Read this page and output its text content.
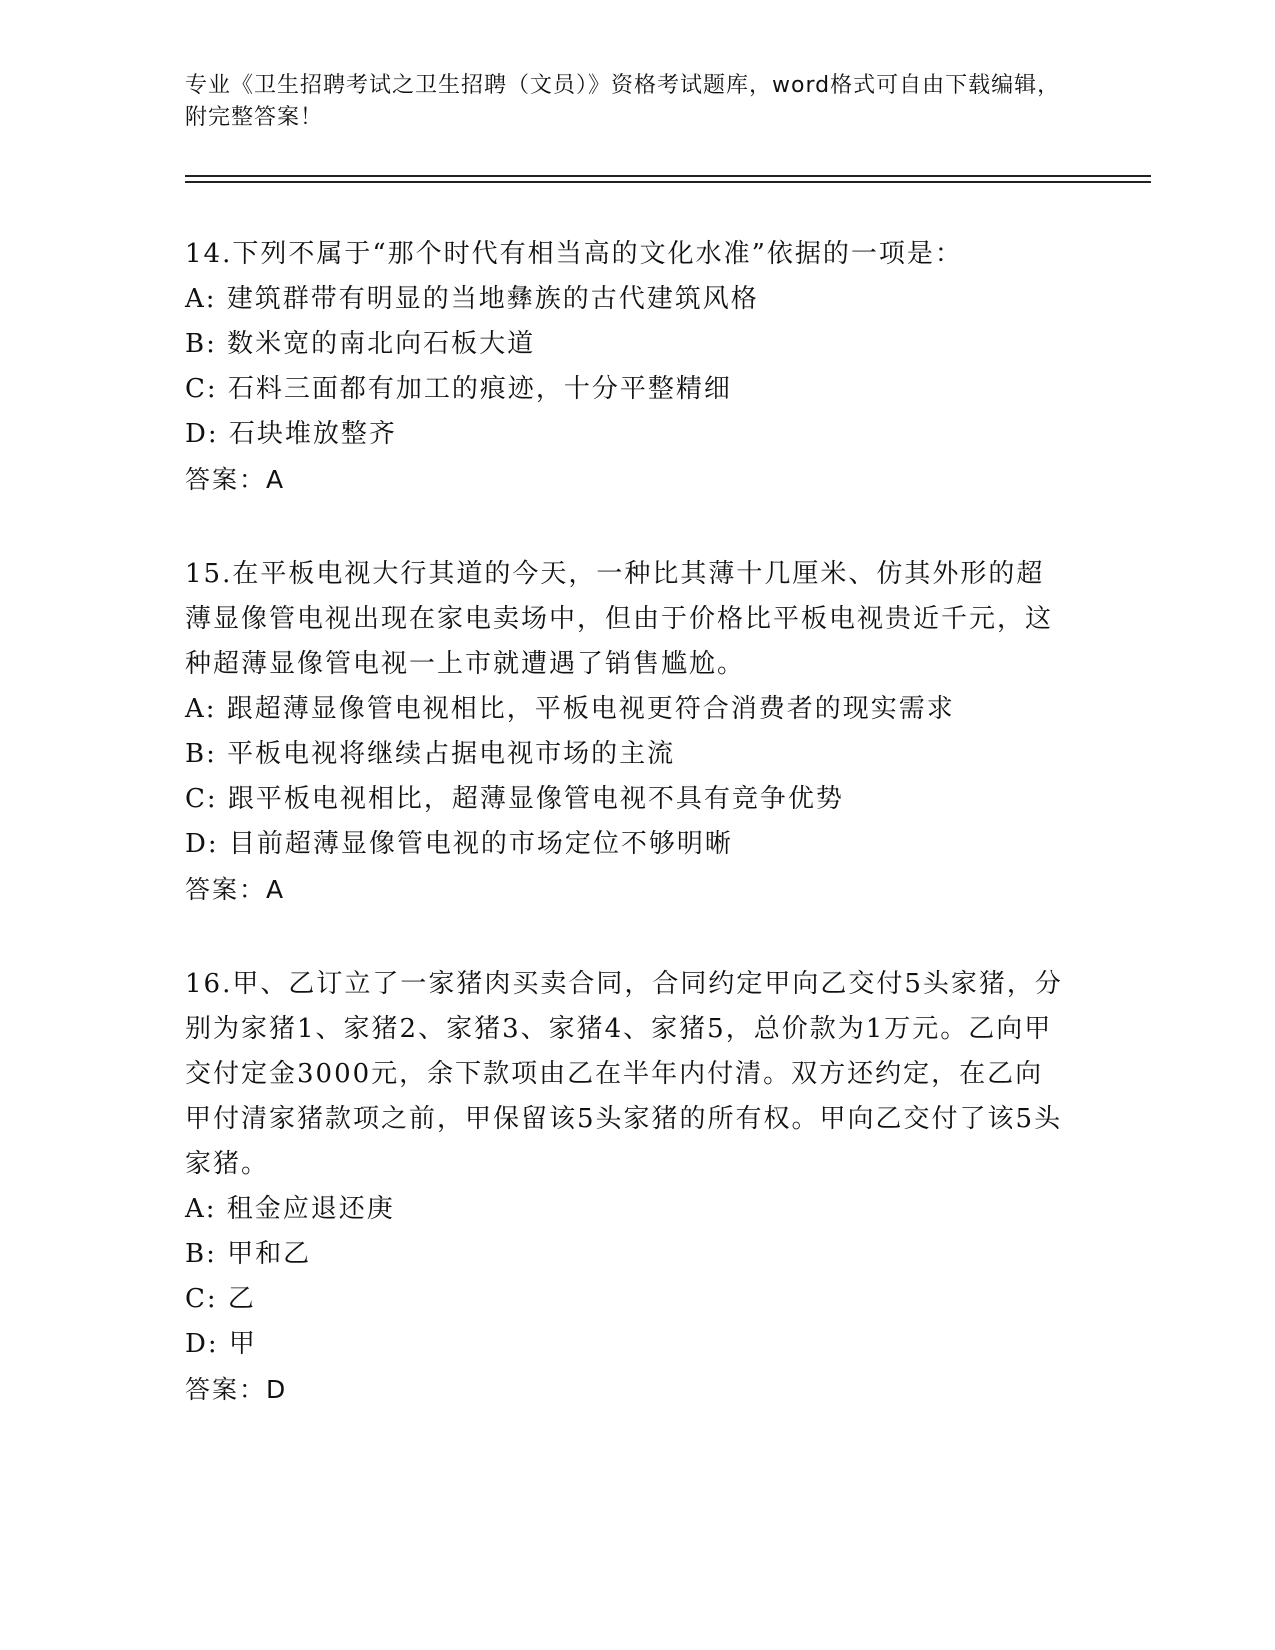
专业《卫生招聘考试之卫生招聘（文员）》资格考试题库，word格式可自由下载编辑，附完整答案！
14.下列不属于“那个时代有相当高的文化水准”依据的一项是：
A: 建筑群带有明显的当地彝族的古代建筑风格
B: 数米宽的南北向石板大道
C: 石料三面都有加工的痕迹，十分平整精细
D: 石块堆放整齐
答案：A
15.在平板电视大行其道的今天，一种比其薄十几厘米、仿其外形的超薄显像管电视出现在家电卖场中，但由于价格比平板电视贵近千元，这种超薄显像管电视一上市就遭遇了销售尴尬。
A: 跟超薄显像管电视相比，平板电视更符合消费者的现实需求
B: 平板电视将继续占据电视市场的主流
C: 跟平板电视相比，超薄显像管电视不具有竞争优势
D: 目前超薄显像管电视的市场定位不够明晰
答案：A
16.甲、乙订立了一家猪肉买卖合同，合同约定甲向乙交付5头家猪，分别为家猪1、家猪2、家猪3、家猪4、家猪5，总价款为1万元。乙向甲交付定金3000元，余下款项由乙在半年内付清。双方还约定，在乙向甲付清家猪款项之前，甲保留该5头家猪的所有权。甲向乙交付了该5头家猪。
A: 租金应退还庚
B: 甲和乙
C: 乙
D: 甲
答案：D
